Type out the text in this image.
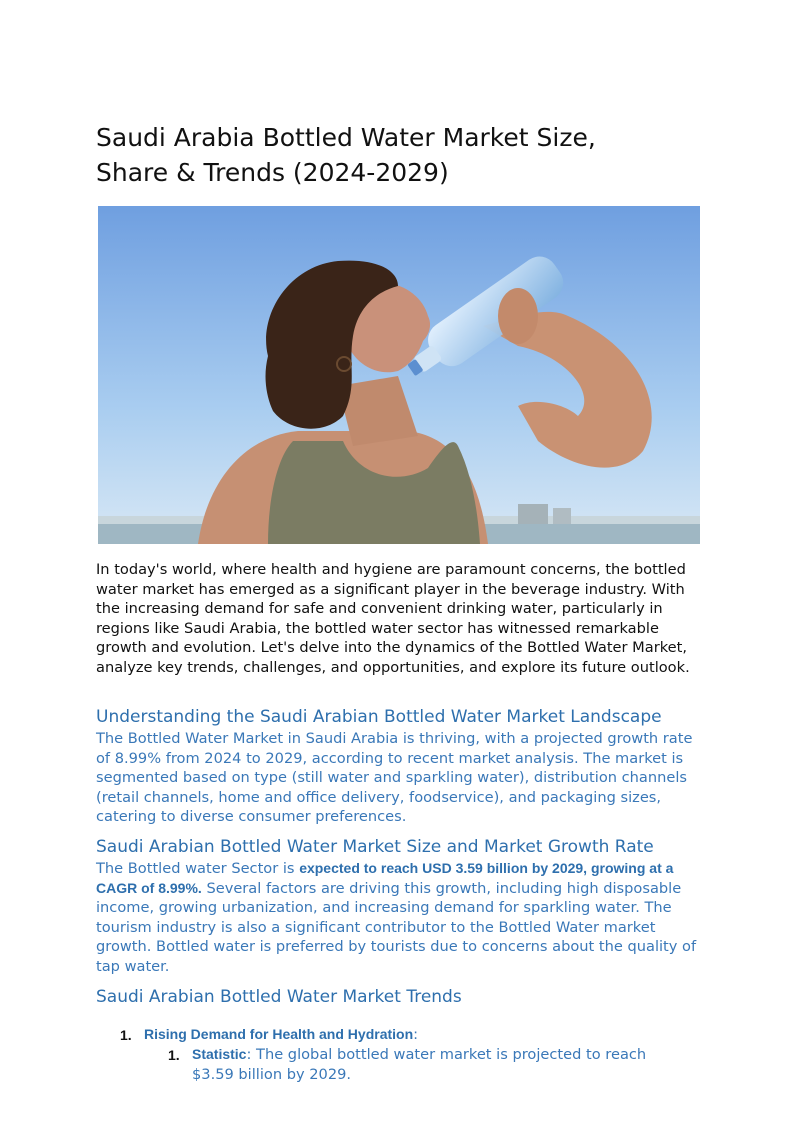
Saudi Arabia Bottled Water Market Size,
Share & Trends (2024-2029)

In today's world, where health and hygiene are paramount concerns, the bottled water market has emerged as a significant player in the beverage industry. With the increasing demand for safe and convenient drinking water, particularly in regions like Saudi Arabia, the bottled water sector has witnessed remarkable growth and evolution. Let's delve into the dynamics of the Bottled Water Market, analyze key trends, challenges, and opportunities, and explore its future outlook.

Understanding the Saudi Arabian Bottled Water Market Landscape

The Bottled Water Market in Saudi Arabia is thriving, with a projected growth rate of 8.99% from 2024 to 2029, according to recent market analysis. The market is segmented based on type (still water and sparkling water), distribution channels (retail channels, home and office delivery, foodservice), and packaging sizes, catering to diverse consumer preferences.

Saudi Arabian Bottled Water Market Size and Market Growth Rate

The Bottled water Sector is expected to reach USD 3.59 billion by 2029, growing at a CAGR of 8.99%. Several factors are driving this growth, including high disposable income, growing urbanization, and increasing demand for sparkling water. The tourism industry is also a significant contributor to the Bottled Water market growth. Bottled water is preferred by tourists due to concerns about the quality of tap water.

Saudi Arabian Bottled Water Market Trends
1. Rising Demand for Health and Hydration:
1. Statistic: The global bottled water market is projected to reach $3.59 billion by 2029.
